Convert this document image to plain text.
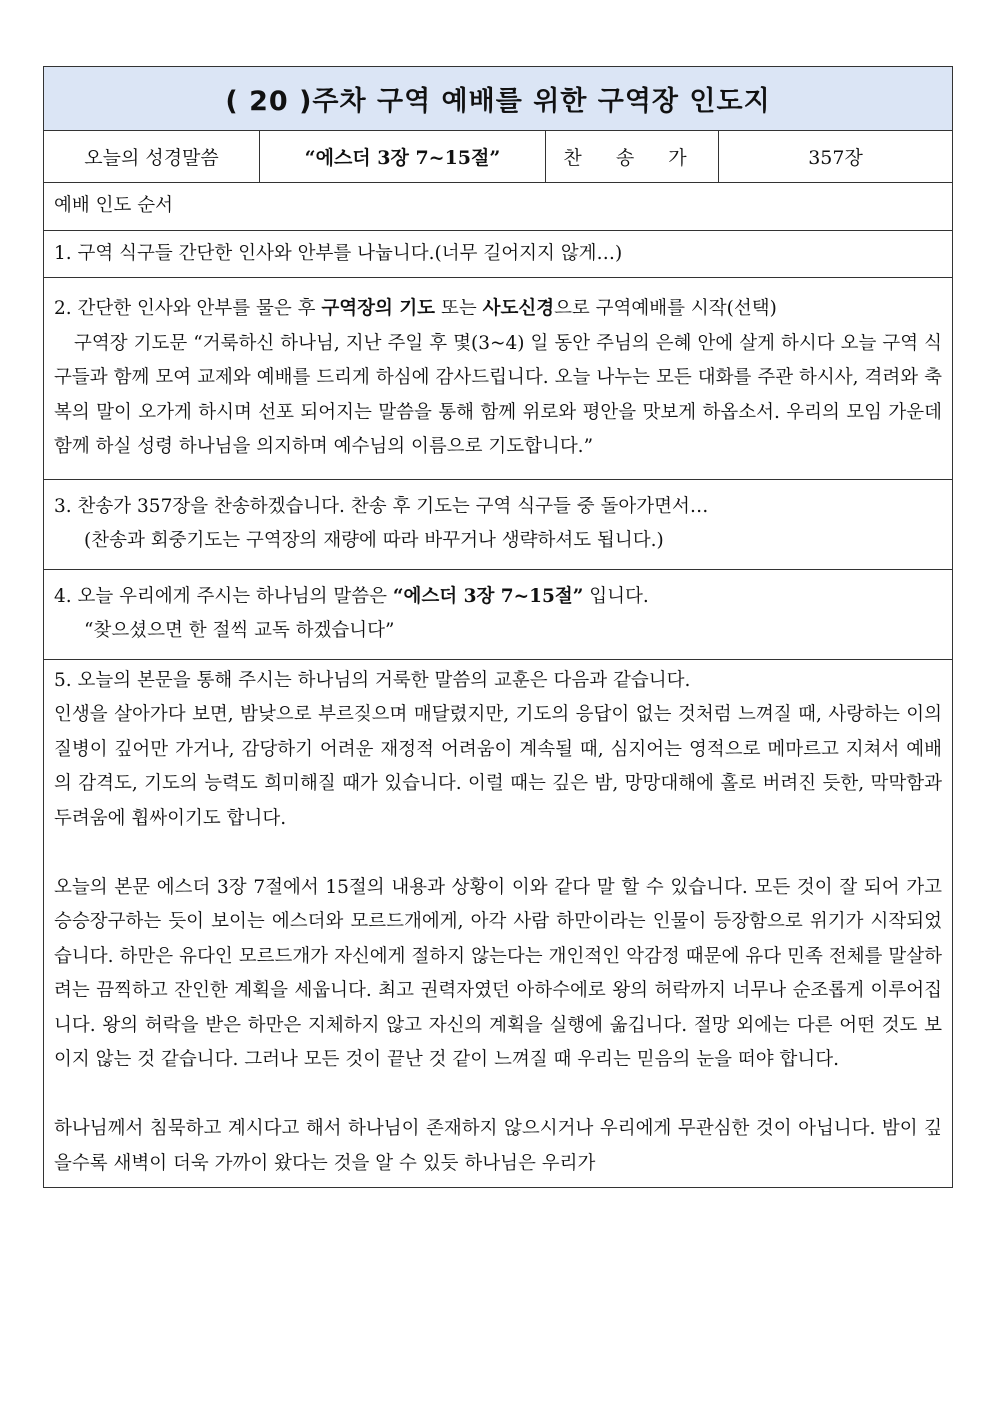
( 20 )주차 구역 예배를 위한 구역장 인도지
오늘의 성경말씀	“에스더 3장 7~15절”	찬 송 가	357장
예배 인도 순서
1. 구역 식구들 간단한 인사와 안부를 나눕니다.(너무 길어지지 않게…)

2. 간단한 인사와 안부를 물은 후 구역장의 기도 또는 사도신경으로 구역예배를 시작(선택)

구역장 기도문 “거룩하신 하나님, 지난 주일 후 몇(3~4) 일 동안 주님의 은혜 안에 살게 하시다 오늘 구역 식구들과 함께 모여 교제와 예배를 드리게 하심에 감사드립니다. 오늘 나누는 모든 대화를 주관 하시사, 격려와 축복의 말이 오가게 하시며 선포 되어지는 말씀을 통해 함께 위로와 평안을 맛보게 하옵소서. 우리의 모임 가운데 함께 하실 성령 하나님을 의지하며 예수님의 이름으로 기도합니다.”

3. 찬송가 357장을 찬송하겠습니다. 찬송 후 기도는 구역 식구들 중 돌아가면서…

(찬송과 회중기도는 구역장의 재량에 따라 바꾸거나 생략하셔도 됩니다.)

4. 오늘 우리에게 주시는 하나님의 말씀은 “에스더 3장 7~15절” 입니다.

“찾으셨으면 한 절씩 교독 하겠습니다”

5. 오늘의 본문을 통해 주시는 하나님의 거룩한 말씀의 교훈은 다음과 같습니다.

인생을 살아가다 보면, 밤낮으로 부르짖으며 매달렸지만, 기도의 응답이 없는 것처럼 느껴질 때, 사랑하는 이의 질병이 깊어만 가거나, 감당하기 어려운 재정적 어려움이 계속될 때, 심지어는 영적으로 메마르고 지쳐서 예배의 감격도, 기도의 능력도 희미해질 때가 있습니다. 이럴 때는 깊은 밤, 망망대해에 홀로 버려진 듯한, 막막함과 두려움에 휩싸이기도 합니다.

오늘의 본문 에스더 3장 7절에서 15절의 내용과 상황이 이와 같다 말 할 수 있습니다. 모든 것이 잘 되어 가고 승승장구하는 듯이 보이는 에스더와 모르드개에게, 아각 사람 하만이라는 인물이 등장함으로 위기가 시작되었습니다. 하만은 유다인 모르드개가 자신에게 절하지 않는다는 개인적인 악감정 때문에 유다 민족 전체를 말살하려는 끔찍하고 잔인한 계획을 세웁니다. 최고 권력자였던 아하수에로 왕의 허락까지 너무나 순조롭게 이루어집니다. 왕의 허락을 받은 하만은 지체하지 않고 자신의 계획을 실행에 옮깁니다. 절망 외에는 다른 어떤 것도 보이지 않는 것 같습니다. 그러나 모든 것이 끝난 것 같이 느껴질 때 우리는 믿음의 눈을 떠야 합니다.

하나님께서 침묵하고 계시다고 해서 하나님이 존재하지 않으시거나 우리에게 무관심한 것이 아닙니다. 밤이 깊을수록 새벽이 더욱 가까이 왔다는 것을 알 수 있듯 하나님은 우리가
